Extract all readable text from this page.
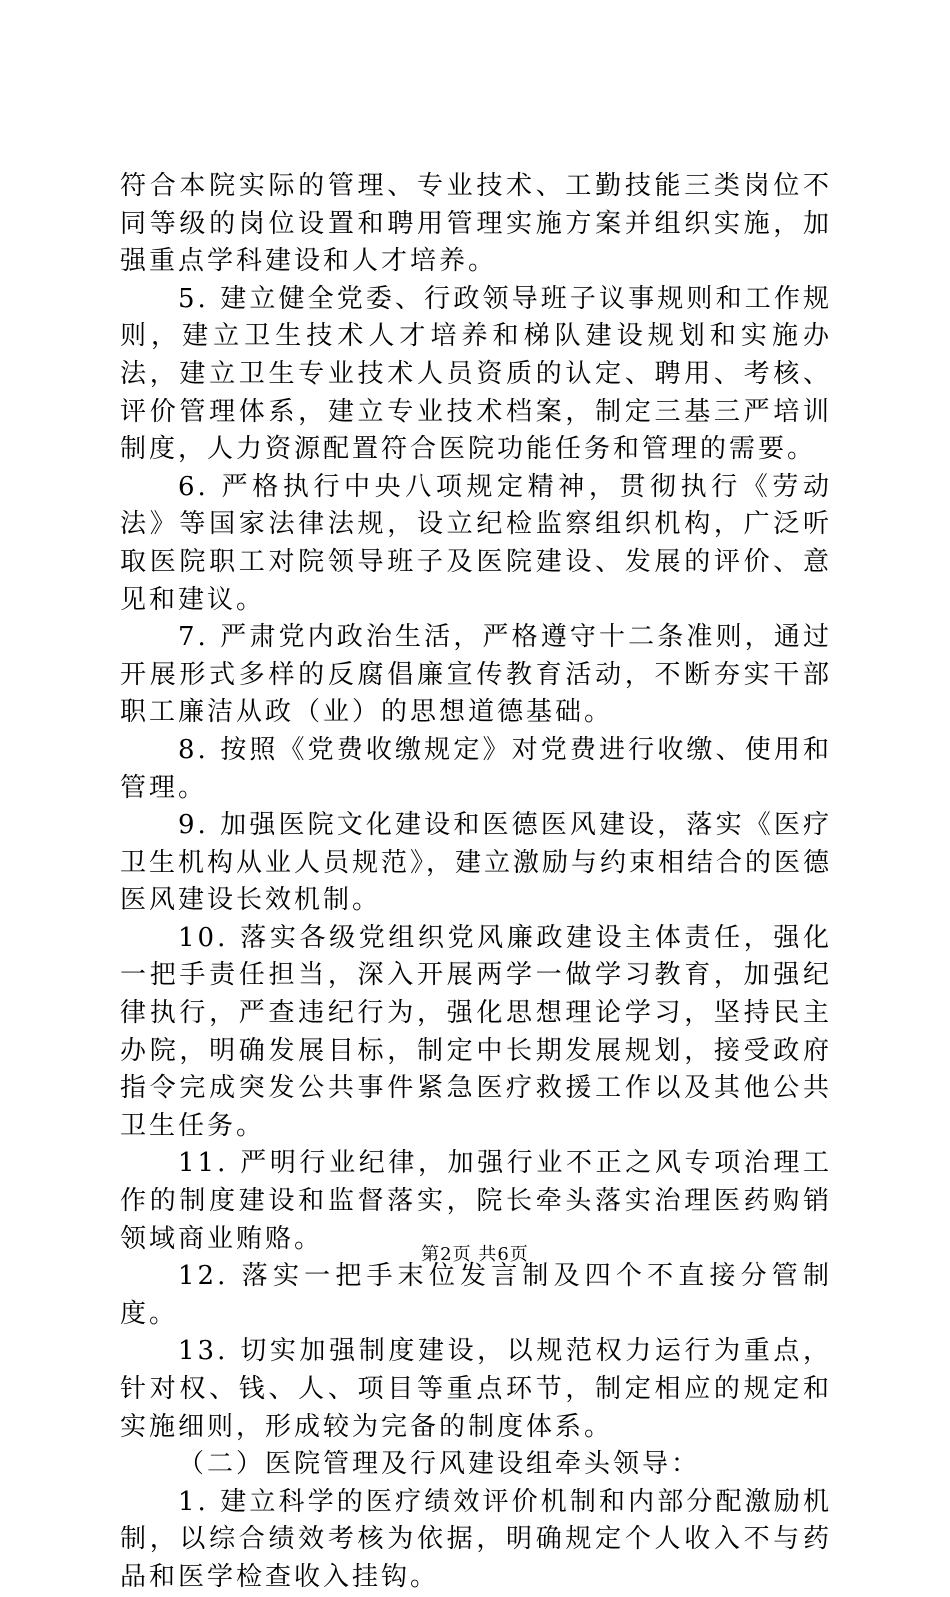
符合本院实际的管理、专业技术、工勤技能三类岗位不同等级的岗位设置和聘用管理实施方案并组织实施，加强重点学科建设和人才培养。

5. 建立健全党委、行政领导班子议事规则和工作规则，建立卫生技术人才培养和梯队建设规划和实施办法，建立卫生专业技术人员资质的认定、聘用、考核、评价管理体系，建立专业技术档案，制定三基三严培训制度，人力资源配置符合医院功能任务和管理的需要。

6. 严格执行中央八项规定精神，贯彻执行《劳动法》等国家法律法规，设立纪检监察组织机构，广泛听取医院职工对院领导班子及医院建设、发展的评价、意见和建议。

7. 严肃党内政治生活，严格遵守十二条准则，通过开展形式多样的反腐倡廉宣传教育活动，不断夯实干部职工廉洁从政（业）的思想道德基础。

8. 按照《党费收缴规定》对党费进行收缴、使用和管理。

9. 加强医院文化建设和医德医风建设，落实《医疗卫生机构从业人员规范》，建立激励与约束相结合的医德医风建设长效机制。

10. 落实各级党组织党风廉政建设主体责任，强化一把手责任担当，深入开展两学一做学习教育，加强纪律执行，严查违纪行为，强化思想理论学习，坚持民主办院，明确发展目标，制定中长期发展规划，接受政府指令完成突发公共事件紧急医疗救援工作以及其他公共卫生任务。

11. 严明行业纪律，加强行业不正之风专项治理工作的制度建设和监督落实，院长牵头落实治理医药购销领域商业贿赂。

12. 落实一把手末位发言制及四个不直接分管制度。

13. 切实加强制度建设，以规范权力运行为重点，针对权、钱、人、项目等重点环节，制定相应的规定和实施细则，形成较为完备的制度体系。

（二）医院管理及行风建设组牵头领导：

1. 建立科学的医疗绩效评价机制和内部分配激励机制，以综合绩效考核为依据，明确规定个人收入不与药品和医学检查收入挂钩。

第2页 共6页
